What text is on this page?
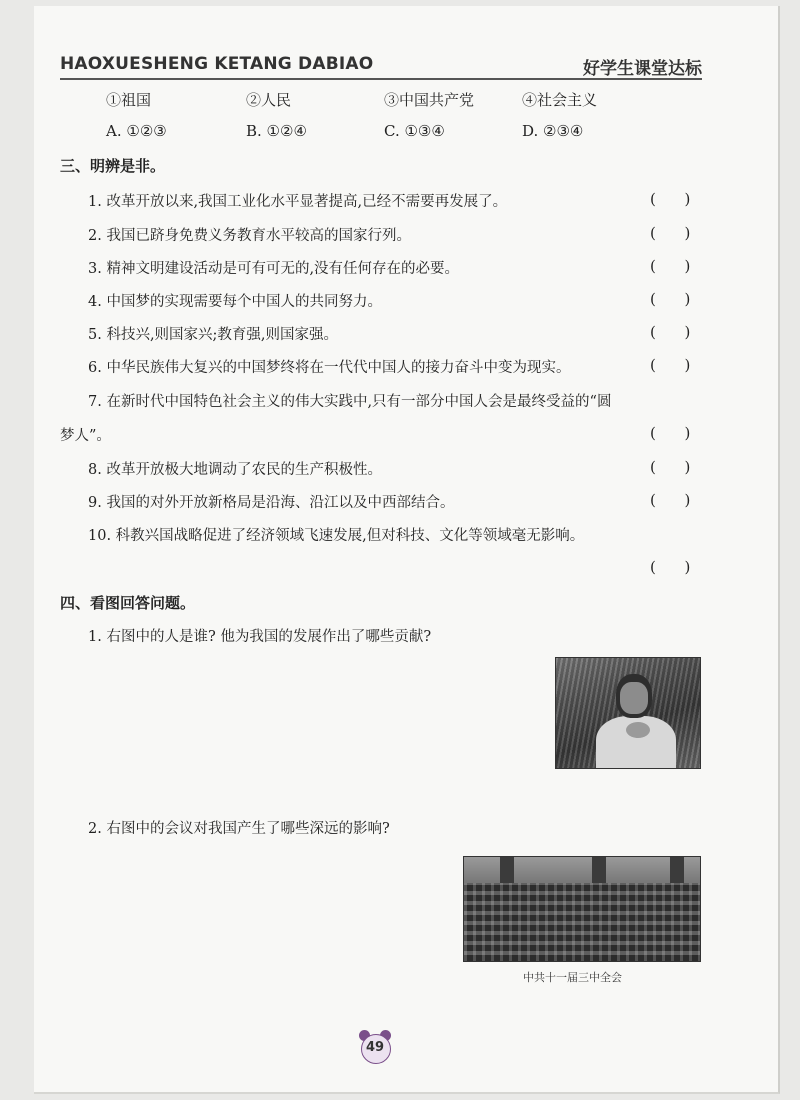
HAOXUESHENG KETANG DABIAO	好学生课堂达标
①祖国	②人民	③中国共产党	④社会主义
A. ①②③	B. ①②④	C. ①③④	D. ②③④
三、明辨是非。
1. 改革开放以来,我国工业化水平显著提高,已经不需要再发展了。	(      )
2. 我国已跻身免费义务教育水平较高的国家行列。	(      )
3. 精神文明建设活动是可有可无的,没有任何存在的必要。	(      )
4. 中国梦的实现需要每个中国人的共同努力。	(      )
5. 科技兴,则国家兴;教育强,则国家强。	(      )
6. 中华民族伟大复兴的中国梦终将在一代代中国人的接力奋斗中变为现实。	(      )
7. 在新时代中国特色社会主义的伟大实践中,只有一部分中国人会是最终受益的“圆
梦人”。	(      )
8. 改革开放极大地调动了农民的生产积极性。	(      )
9. 我国的对外开放新格局是沿海、沿江以及中西部结合。	(      )
10. 科教兴国战略促进了经济领域飞速发展,但对科技、文化等领域毫无影响。
(      )
四、看图回答问题。
1. 右图中的人是谁? 他为我国的发展作出了哪些贡献?
2. 右图中的会议对我国产生了哪些深远的影响?
中共十一届三中全会
49
